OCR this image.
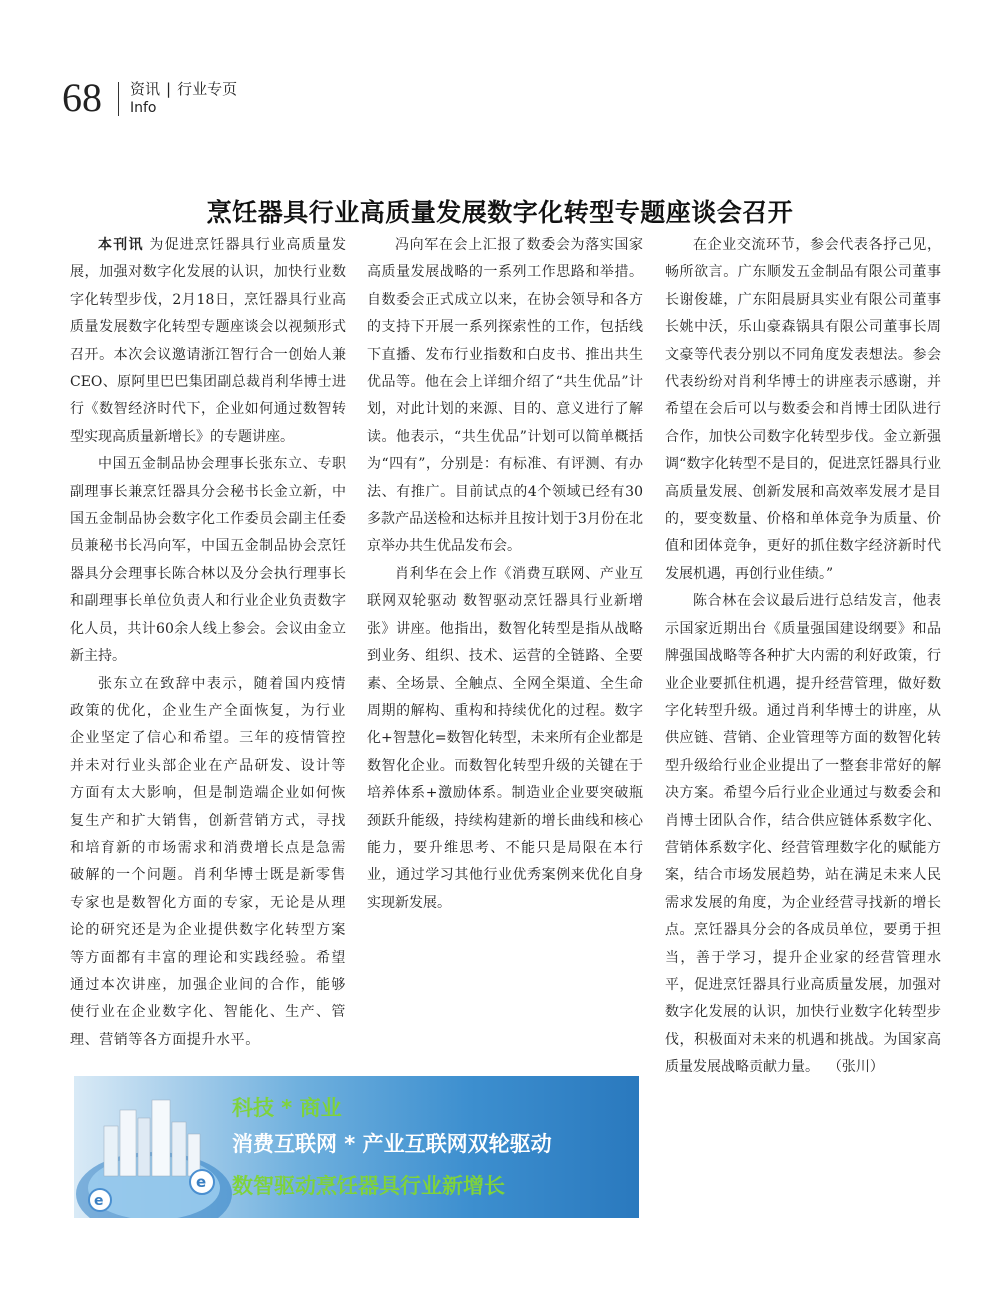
68 资讯 | 行业专页
Info
烹饪器具行业高质量发展数字化转型专题座谈会召开

本刊讯 为促进烹饪器具行业高质量发展，加强对数字化发展的认识，加快行业数字化转型步伐，2月18日，烹饪器具行业高质量发展数字化转型专题座谈会以视频形式召开。本次会议邀请浙江智行合一创始人兼CEO、原阿里巴巴集团副总裁肖利华博士进行《数智经济时代下，企业如何通过数智转型实现高质量新增长》的专题讲座。

中国五金制品协会理事长张东立、专职副理事长兼烹饪器具分会秘书长金立新，中国五金制品协会数字化工作委员会副主任委员兼秘书长冯向军，中国五金制品协会烹饪器具分会理事长陈合林以及分会执行理事长和副理事长单位负责人和行业企业负责数字化人员，共计60余人线上参会。会议由金立新主持。

张东立在致辞中表示，随着国内疫情政策的优化，企业生产全面恢复，为行业企业坚定了信心和希望。三年的疫情管控并未对行业头部企业在产品研发、设计等方面有太大影响，但是制造端企业如何恢复生产和扩大销售，创新营销方式，寻找和培育新的市场需求和消费增长点是急需破解的一个问题。肖利华博士既是新零售专家也是数智化方面的专家，无论是从理论的研究还是为企业提供数字化转型方案等方面都有丰富的理论和实践经验。希望通过本次讲座，加强企业间的合作，能够使行业在企业数字化、智能化、生产、管理、营销等各方面提升水平。

冯向军在会上汇报了数委会为落实国家高质量发展战略的一系列工作思路和举措。自数委会正式成立以来，在协会领导和各方的支持下开展一系列探索性的工作，包括线下直播、发布行业指数和白皮书、推出共生优品等。他在会上详细介绍了“共生优品”计划，对此计划的来源、目的、意义进行了解读。他表示，“共生优品”计划可以简单概括为“四有”，分别是：有标准、有评测、有办法、有推广。目前试点的4个领域已经有30多款产品送检和达标并且按计划于3月份在北京举办共生优品发布会。

肖利华在会上作《消费互联网、产业互联网双轮驱动 数智驱动烹饪器具行业新增张》讲座。他指出，数智化转型是指从战略到业务、组织、技术、运营的全链路、全要素、全场景、全触点、全网全渠道、全生命周期的解构、重构和持续优化的过程。数字化+智慧化=数智化转型，未来所有企业都是数智化企业。而数智化转型升级的关键在于培养体系+激励体系。制造业企业要突破瓶颈跃升能级，持续构建新的增长曲线和核心能力，要升维思考、不能只是局限在本行业，通过学习其他行业优秀案例来优化自身实现新发展。

在企业交流环节，参会代表各抒己见，畅所欲言。广东顺发五金制品有限公司董事长谢俊雄，广东阳晨厨具实业有限公司董事长姚中沃，乐山豪森锅具有限公司董事长周文豪等代表分别以不同角度发表想法。参会代表纷纷对肖利华博士的讲座表示感谢，并希望在会后可以与数委会和肖博士团队进行合作，加快公司数字化转型步伐。金立新强调“数字化转型不是目的，促进烹饪器具行业高质量发展、创新发展和高效率发展才是目的，要变数量、价格和单体竞争为质量、价值和团体竞争，更好的抓住数字经济新时代发展机遇，再创行业佳绩。”

陈合林在会议最后进行总结发言，他表示国家近期出台《质量强国建设纲要》和品牌强国战略等各种扩大内需的利好政策，行业企业要抓住机遇，提升经营管理，做好数字化转型升级。通过肖利华博士的讲座，从供应链、营销、企业管理等方面的数智化转型升级给行业企业提出了一整套非常好的解决方案。希望今后行业企业通过与数委会和肖博士团队合作，结合供应链体系数字化、营销体系数字化、经营管理数字化的赋能方案，结合市场发展趋势，站在满足未来人民需求发展的角度，为企业经营寻找新的增长点。烹饪器具分会的各成员单位，要勇于担当，善于学习，提升企业家的经营管理水平，促进烹饪器具行业高质量发展，加强对数字化发展的认识，加快行业数字化转型步伐，积极面对未来的机遇和挑战。为国家高质量发展战略贡献力量。 （张川）

e
e
科技 * 商业
消费互联网 * 产业互联网双轮驱动
数智驱动烹饪器具行业新增长
